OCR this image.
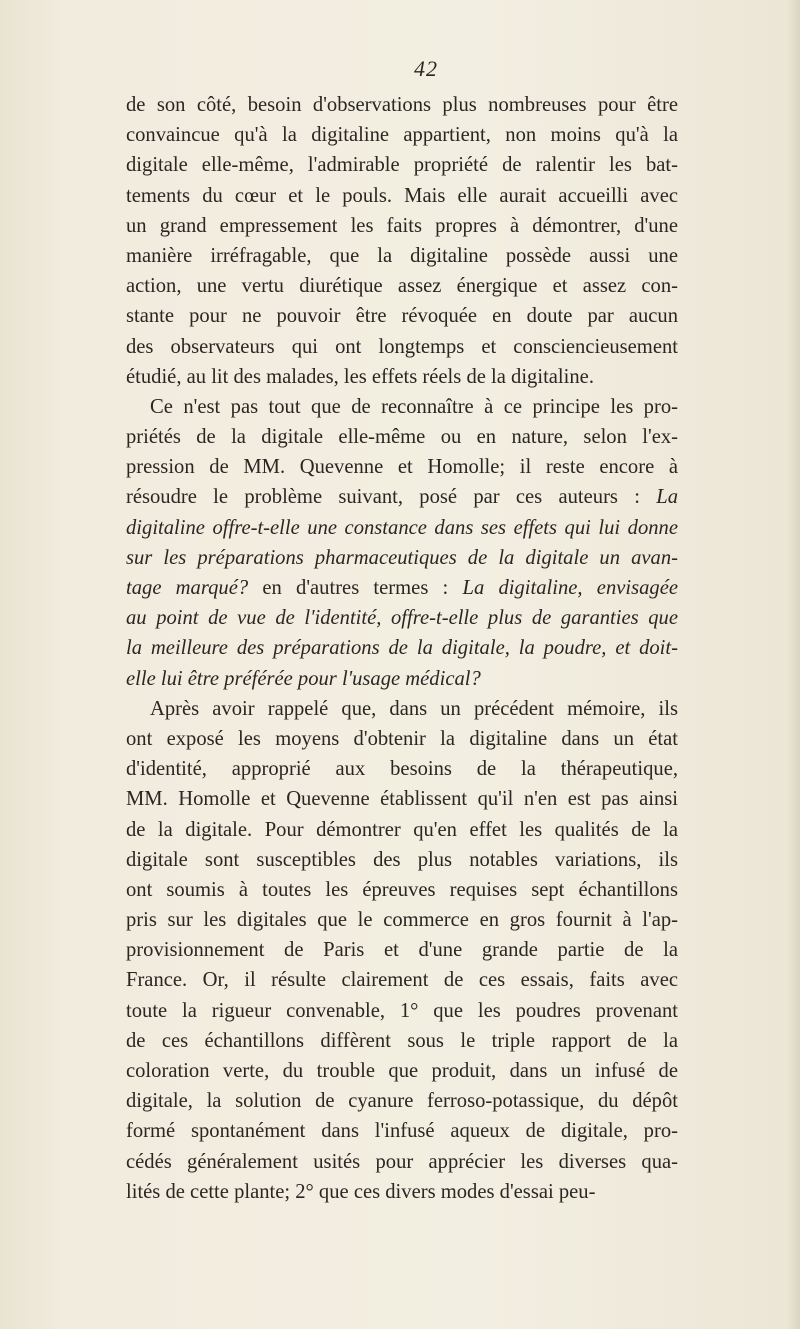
42
de son côté, besoin d'observations plus nombreuses pour être
convaincue qu'à la digitaline appartient, non moins qu'à la
digitale elle-même, l'admirable propriété de ralentir les bat-
tements du cœur et le pouls. Mais elle aurait accueilli avec
un grand empressement les faits propres à démontrer, d'une
manière irréfragable, que la digitaline possède aussi une
action, une vertu diurétique assez énergique et assez con-
stante pour ne pouvoir être révoquée en doute par aucun
des observateurs qui ont longtemps et consciencieusement
étudié, au lit des malades, les effets réels de la digitaline.
Ce n'est pas tout que de reconnaître à ce principe les pro-
priétés de la digitale elle-même ou en nature, selon l'ex-
pression de MM. Quevenne et Homolle; il reste encore à
résoudre le problème suivant, posé par ces auteurs : La
digitaline offre-t-elle une constance dans ses effets qui lui donne
sur les préparations pharmaceutiques de la digitale un avan-
tage marqué? en d'autres termes : La digitaline, envisagée
au point de vue de l'identité, offre-t-elle plus de garanties que
la meilleure des préparations de la digitale, la poudre, et doit-
elle lui être préférée pour l'usage médical?
Après avoir rappelé que, dans un précédent mémoire, ils
ont exposé les moyens d'obtenir la digitaline dans un état
d'identité, approprié aux besoins de la thérapeutique,
MM. Homolle et Quevenne établissent qu'il n'en est pas ainsi
de la digitale. Pour démontrer qu'en effet les qualités de la
digitale sont susceptibles des plus notables variations, ils
ont soumis à toutes les épreuves requises sept échantillons
pris sur les digitales que le commerce en gros fournit à l'ap-
provisionnement de Paris et d'une grande partie de la
France. Or, il résulte clairement de ces essais, faits avec
toute la rigueur convenable, 1° que les poudres provenant
de ces échantillons diffèrent sous le triple rapport de la
coloration verte, du trouble que produit, dans un infusé de
digitale, la solution de cyanure ferroso-potassique, du dépôt
formé spontanément dans l'infusé aqueux de digitale, pro-
cédés généralement usités pour apprécier les diverses qua-
lités de cette plante; 2° que ces divers modes d'essai peu-
